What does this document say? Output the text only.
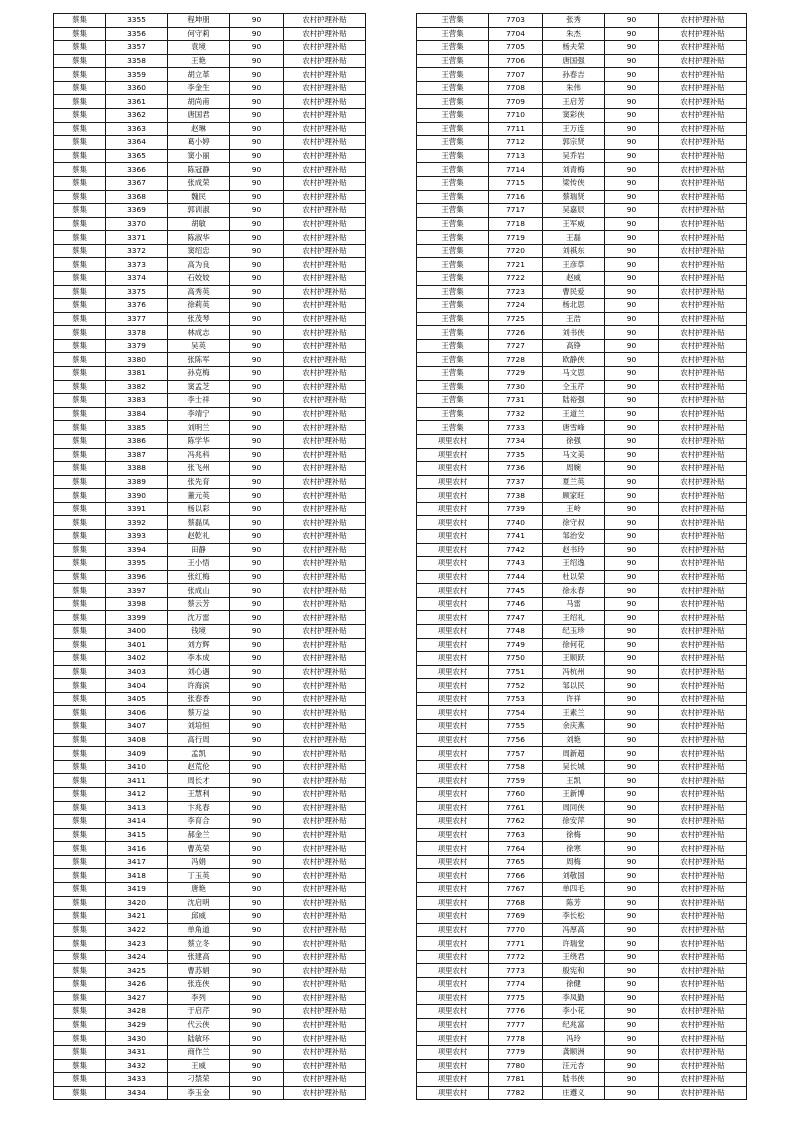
蔡集	3355	程坤朋	90	农村护理补贴
蔡集	3356	何守莉	90	农村护理补贴
蔡集	3357	袁境	90	农村护理补贴
蔡集	3358	王艳	90	农村护理补贴
蔡集	3359	胡立革	90	农村护理补贴
蔡集	3360	李金生	90	农村护理补贴
蔡集	3361	胡尚甫	90	农村护理补贴
蔡集	3362	唐国君	90	农村护理补贴
蔡集	3363	赵琳	90	农村护理补贴
蔡集	3364	葛小婷	90	农村护理补贴
蔡集	3365	窦小丽	90	农村护理补贴
蔡集	3366	陈冠静	90	农村护理补贴
蔡集	3367	张成荣	90	农村护理补贴
蔡集	3368	魏民	90	农村护理补贴
蔡集	3369	郭训淑	90	农村护理补贴
蔡集	3370	胡敏	90	农村护理补贴
蔡集	3371	陈淑华	90	农村护理补贴
蔡集	3372	窦绍忠	90	农村护理补贴
蔡集	3373	高为良	90	农村护理补贴
蔡集	3374	石姣姣	90	农村护理补贴
蔡集	3375	高秀英	90	农村护理补贴
蔡集	3376	徐莉英	90	农村护理补贴
蔡集	3377	张茂琴	90	农村护理补贴
蔡集	3378	林成志	90	农村护理补贴
蔡集	3379	吴英	90	农村护理补贴
蔡集	3380	张陈军	90	农村护理补贴
蔡集	3381	孙克梅	90	农村护理补贴
蔡集	3382	窦孟芝	90	农村护理补贴
蔡集	3383	李士祥	90	农村护理补贴
蔡集	3384	李靖宁	90	农村护理补贴
蔡集	3385	刘明兰	90	农村护理补贴
蔡集	3386	陈学华	90	农村护理补贴
蔡集	3387	冯兆科	90	农村护理补贴
蔡集	3388	张飞州	90	农村护理补贴
蔡集	3389	张先育	90	农村护理补贴
蔡集	3390	董元英	90	农村护理补贴
蔡集	3391	杨以彩	90	农村护理补贴
蔡集	3392	蔡磊凤	90	农村护理补贴
蔡集	3393	赵乾礼	90	农村护理补贴
蔡集	3394	田静	90	农村护理补贴
蔡集	3395	王小悟	90	农村护理补贴
蔡集	3396	张红梅	90	农村护理补贴
蔡集	3397	张成山	90	农村护理补贴
蔡集	3398	蔡云芳	90	农村护理补贴
蔡集	3399	沈万雷	90	农村护理补贴
蔡集	3400	钱境	90	农村护理补贴
蔡集	3401	刘方辉	90	农村护理补贴
蔡集	3402	李本成	90	农村护理补贴
蔡集	3403	刘心遇	90	农村护理补贴
蔡集	3404	许海滨	90	农村护理补贴
蔡集	3405	张春香	90	农村护理补贴
蔡集	3406	蔡万益	90	农村护理补贴
蔡集	3407	刘培恒	90	农村护理补贴
蔡集	3408	高行周	90	农村护理补贴
蔡集	3409	孟凯	90	农村护理补贴
蔡集	3410	赵荒伦	90	农村护理补贴
蔡集	3411	周长才	90	农村护理补贴
蔡集	3412	王慧利	90	农村护理补贴
蔡集	3413	卞兆春	90	农村护理补贴
蔡集	3414	李育合	90	农村护理补贴
蔡集	3415	郝金兰	90	农村护理补贴
蔡集	3416	曹英荣	90	农村护理补贴
蔡集	3417	冯娟	90	农村护理补贴
蔡集	3418	丁玉英	90	农村护理补贴
蔡集	3419	唐艳	90	农村护理补贴
蔡集	3420	沈启明	90	农村护理补贴
蔡集	3421	邱威	90	农村护理补贴
蔡集	3422	单角道	90	农村护理补贴
蔡集	3423	蔡立冬	90	农村护理补贴
蔡集	3424	张建高	90	农村护理补贴
蔡集	3425	曹苏娟	90	农村护理补贴
蔡集	3426	张连侠	90	农村护理补贴
蔡集	3427	李列	90	农村护理补贴
蔡集	3428	于启芹	90	农村护理补贴
蔡集	3429	代云侠	90	农村护理补贴
蔡集	3430	陆敏环	90	农村护理补贴
蔡集	3431	商作兰	90	农村护理补贴
蔡集	3432	王威	90	农村护理补贴
蔡集	3433	刁禁荣	90	农村护理补贴
蔡集	3434	李玉金	90	农村护理补贴
王营集	7703	张秀	90	农村护理补贴
王营集	7704	朱杰	90	农村护理补贴
王营集	7705	杨夫荣	90	农村护理补贴
王营集	7706	唐国强	90	农村护理补贴
王营集	7707	孙春吉	90	农村护理补贴
王营集	7708	朱伟	90	农村护理补贴
王营集	7709	王启芳	90	农村护理补贴
王营集	7710	窦彩侠	90	农村护理补贴
王营集	7711	王万连	90	农村护理补贴
王营集	7712	郭宗贤	90	农村护理补贴
王营集	7713	吴乔岩	90	农村护理补贴
王营集	7714	刘青梅	90	农村护理补贴
王营集	7715	梁传侠	90	农村护理补贴
王营集	7716	蔡瑞贤	90	农村护理补贴
王营集	7717	吴嘉辰	90	农村护理补贴
王营集	7718	王军威	90	农村护理补贴
王营集	7719	王磊	90	农村护理补贴
王营集	7720	刘祺东	90	农村护理补贴
王营集	7721	王彦草	90	农村护理补贴
王营集	7722	赵威	90	农村护理补贴
王营集	7723	曹民爱	90	农村护理补贴
王营集	7724	杨北思	90	农村护理补贴
王营集	7725	王浩	90	农村护理补贴
王营集	7726	刘书侠	90	农村护理补贴
王营集	7727	高铮	90	农村护理补贴
王营集	7728	欧静侠	90	农村护理补贴
王营集	7729	马文思	90	农村护理补贴
王营集	7730	仝玉芹	90	农村护理补贴
王营集	7731	陆裕强	90	农村护理补贴
王营集	7732	王道兰	90	农村护理补贴
王营集	7733	唐雪峰	90	农村护理补贴
项里农村	7734	徐强	90	农村护理补贴
项里农村	7735	马文美	90	农村护理补贴
项里农村	7736	周婉	90	农村护理补贴
项里农村	7737	夏兰英	90	农村护理补贴
项里农村	7738	顾家旺	90	农村护理补贴
项里农村	7739	王岭	90	农村护理补贴
项里农村	7740	徐守叔	90	农村护理补贴
项里农村	7741	邹治安	90	农村护理补贴
项里农村	7742	赵书玲	90	农村护理补贴
项里农村	7743	王绍逸	90	农村护理补贴
项里农村	7744	杜以荣	90	农村护理补贴
项里农村	7745	徐永春	90	农村护理补贴
项里农村	7746	马雷	90	农村护理补贴
项里农村	7747	王绍礼	90	农村护理补贴
项里农村	7748	纪玉珍	90	农村护理补贴
项里农村	7749	徐何花	90	农村护理补贴
项里农村	7750	王顺跃	90	农村护理补贴
项里农村	7751	冯杭州	90	农村护理补贴
项里农村	7752	邹以民	90	农村护理补贴
项里农村	7753	许祥	90	农村护理补贴
项里农村	7754	王素兰	90	农村护理补贴
项里农村	7755	余庆燕	90	农村护理补贴
项里农村	7756	刘艳	90	农村护理补贴
项里农村	7757	周新超	90	农村护理补贴
项里农村	7758	吴长城	90	农村护理补贴
项里农村	7759	王凯	90	农村护理补贴
项里农村	7760	王新博	90	农村护理补贴
项里农村	7761	周同侠	90	农村护理补贴
项里农村	7762	徐安萍	90	农村护理补贴
项里农村	7763	徐梅	90	农村护理补贴
项里农村	7764	徐寒	90	农村护理补贴
项里农村	7765	周梅	90	农村护理补贴
项里农村	7766	刘敬国	90	农村护理补贴
项里农村	7767	单四毛	90	农村护理补贴
项里农村	7768	陈芳	90	农村护理补贴
项里农村	7769	李长松	90	农村护理补贴
项里农村	7770	冯厚高	90	农村护理补贴
项里农村	7771	许瑞堂	90	农村护理补贴
项里农村	7772	王绕君	90	农村护理补贴
项里农村	7773	殷宪和	90	农村护理补贴
项里农村	7774	徐健	90	农村护理补贴
项里农村	7775	李凤勤	90	农村护理补贴
项里农村	7776	李小花	90	农村护理补贴
项里农村	7777	纪兆富	90	农村护理补贴
项里农村	7778	冯玲	90	农村护理补贴
项里农村	7779	龚顺洲	90	农村护理补贴
项里农村	7780	汪元杏	90	农村护理补贴
项里农村	7781	陆书侠	90	农村护理补贴
项里农村	7782	庄遵义	90	农村护理补贴
